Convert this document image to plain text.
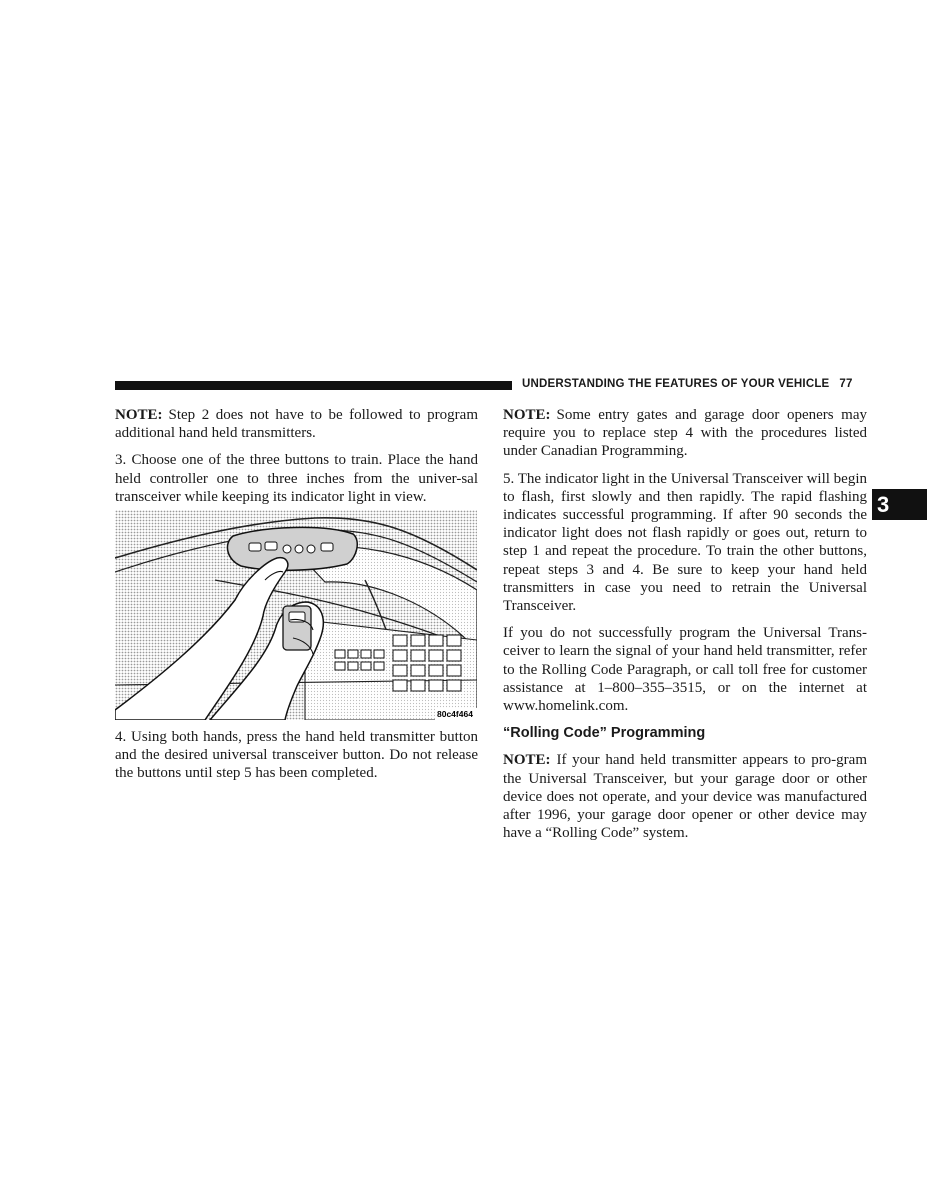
UNDERSTANDING THE FEATURES OF YOUR VEHICLE 77
3

NOTE: Step 2 does not have to be followed to program additional hand held transmitters.

3. Choose one of the three buttons to train. Place the hand held controller one to three inches from the univer-sal transceiver while keeping its indicator light in view.

80c4f464

4. Using both hands, press the hand held transmitter button and the desired universal transceiver button. Do not release the buttons until step 5 has been completed.

NOTE: Some entry gates and garage door openers may require you to replace step 4 with the procedures listed under Canadian Programming.

5. The indicator light in the Universal Transceiver will begin to flash, first slowly and then rapidly. The rapid flashing indicates successful programming. If after 90 seconds the indicator light does not flash rapidly or goes out, return to step 1 and repeat the procedure. To train the other buttons, repeat steps 3 and 4. Be sure to keep your hand held transmitters in case you need to retrain the Universal Transceiver.

If you do not successfully program the Universal Trans-ceiver to learn the signal of your hand held transmitter, refer to the Rolling Code Paragraph, or call toll free for customer assistance at 1–800–355–3515, or on the internet at www.homelink.com.

“Rolling Code” Programming

NOTE: If your hand held transmitter appears to pro-gram the Universal Transceiver, but your garage door or other device does not operate, and your device was manufactured after 1996, your garage door opener or other device may have a “Rolling Code” system.
